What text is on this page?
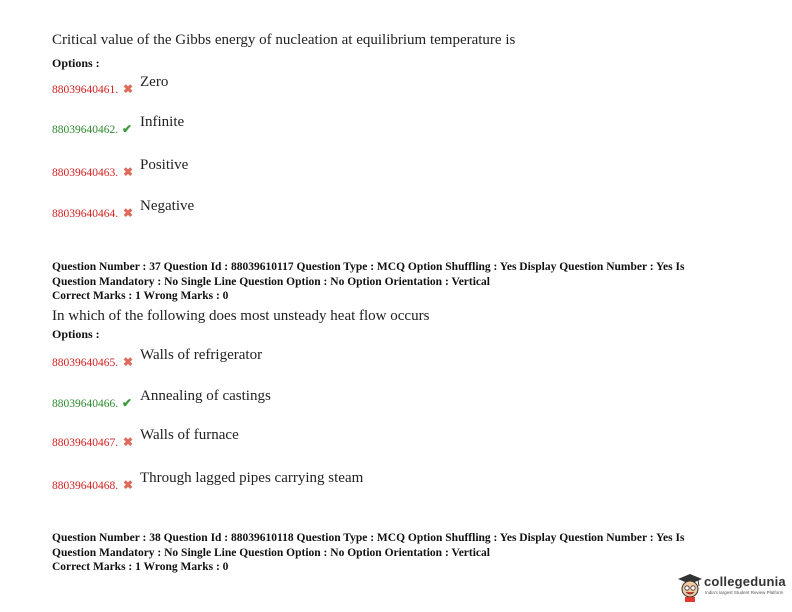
Critical value of the Gibbs energy of nucleation at equilibrium temperature is
Options :
88039640461. ✖ Zero
88039640462. ✔ Infinite
88039640463. ✖ Positive
88039640464. ✖ Negative
Question Number : 37 Question Id : 88039610117 Question Type : MCQ Option Shuffling : Yes Display Question Number : Yes Is
Question Mandatory : No Single Line Question Option : No Option Orientation : Vertical
Correct Marks : 1 Wrong Marks : 0
In which of the following does most unsteady heat flow occurs
Options :
88039640465. ✖ Walls of refrigerator
88039640466. ✔ Annealing of castings
88039640467. ✖ Walls of furnace
88039640468. ✖ Through lagged pipes carrying steam
Question Number : 38 Question Id : 88039610118 Question Type : MCQ Option Shuffling : Yes Display Question Number : Yes Is
Question Mandatory : No Single Line Question Option : No Option Orientation : Vertical
Correct Marks : 1 Wrong Marks : 0
collegedunia
India's largest Student Review Platform
